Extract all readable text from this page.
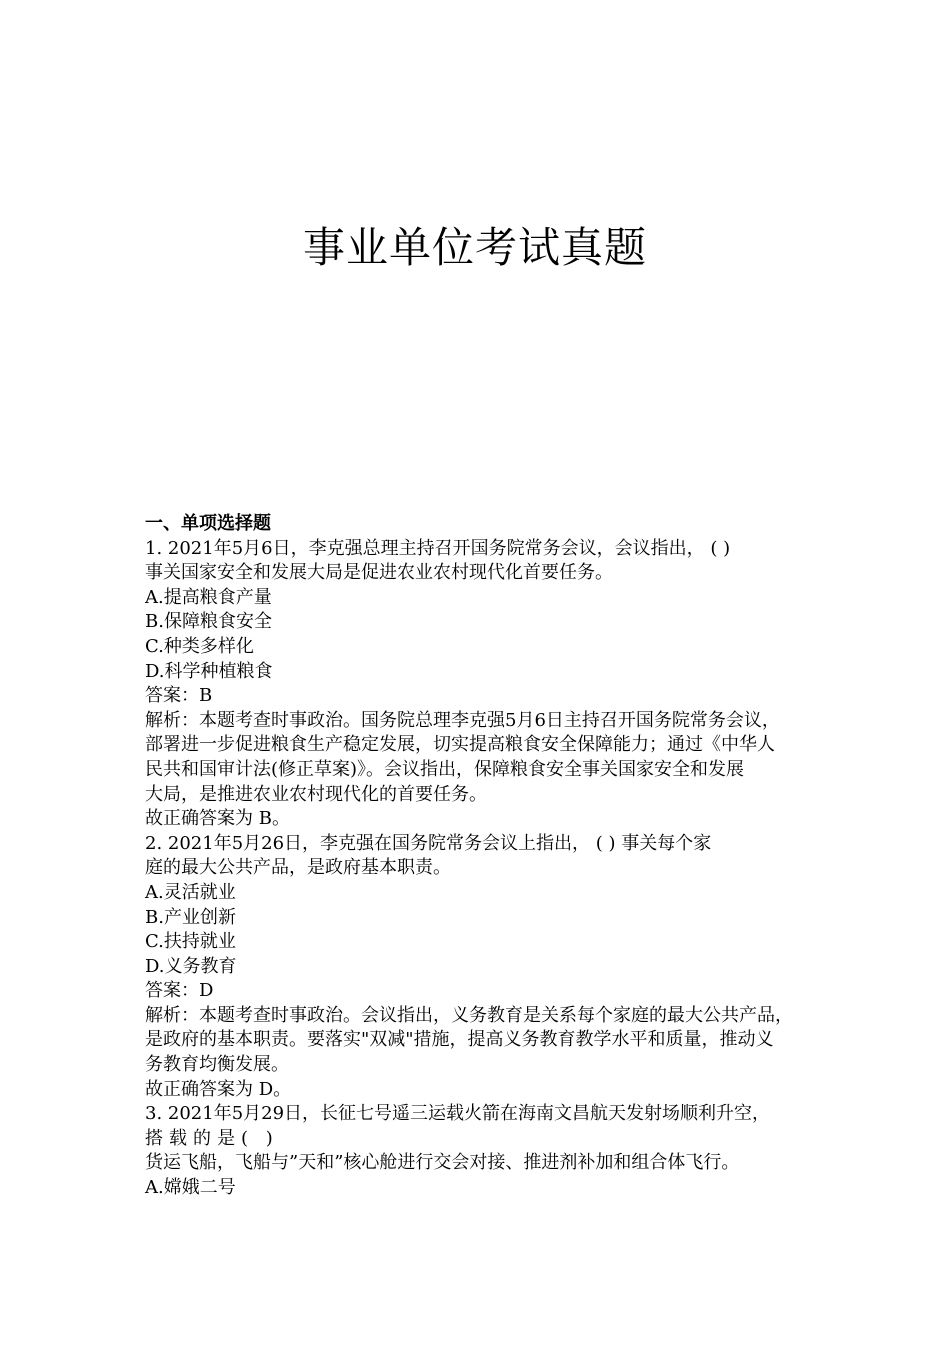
事业单位考试真题
一、单项选择题
1. 2021年5月6日，李克强总理主持召开国务院常务会议，会议指出， ( )
事关国家安全和发展大局是促进农业农村现代化首要任务。
A.提高粮食产量
B.保障粮食安全
C.种类多样化
D.科学种植粮食
答案：B
解析：本题考查时事政治。国务院总理李克强5月6日主持召开国务院常务会议，
部署进一步促进粮食生产稳定发展，切实提高粮食安全保障能力；通过《中华人
民共和国审计法(修正草案)》。会议指出，保障粮食安全事关国家安全和发展
大局，是推进农业农村现代化的首要任务。
故正确答案为 B。
2. 2021年5月26日，李克强在国务院常务会议上指出， ( ) 事关每个家
庭的最大公共产品，是政府基本职责。
A.灵活就业
B.产业创新
C.扶持就业
D.义务教育
答案：D
解析：本题考查时事政治。会议指出，义务教育是关系每个家庭的最大公共产品，
是政府的基本职责。要落实"双减"措施，提高义务教育教学水平和质量，推动义
务教育均衡发展。
故正确答案为 D。
3. 2021年5月29日，长征七号遥三运载火箭在海南文昌航天发射场顺利升空，
搭载的是( )
货运飞船，飞船与”天和”核心舱进行交会对接、推进剂补加和组合体飞行。
A.嫦娥二号
